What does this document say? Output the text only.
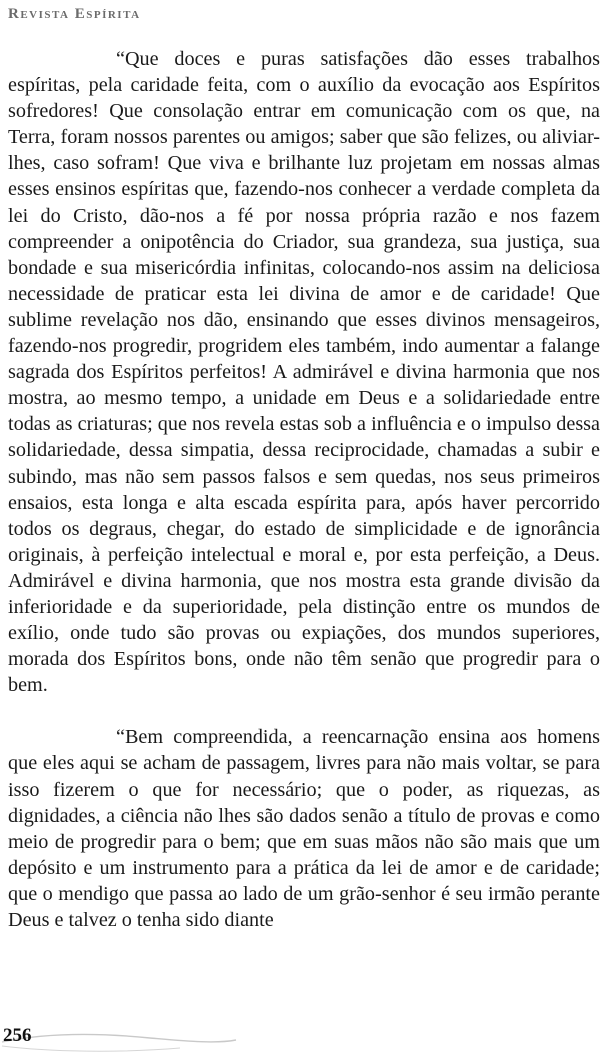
Revista Espírita

“Que doces e puras satisfações dão esses trabalhos espíritas, pela caridade feita, com o auxílio da evocação aos Espíritos sofredores! Que consolação entrar em comunicação com os que, na Terra, foram nossos parentes ou amigos; saber que são felizes, ou aliviar-lhes, caso sofram! Que viva e brilhante luz projetam em nossas almas esses ensinos espíritas que, fazendo-nos conhecer a verdade completa da lei do Cristo, dão-nos a fé por nossa própria razão e nos fazem compreender a onipotência do Criador, sua grandeza, sua justiça, sua bondade e sua misericórdia infinitas, colocando-nos assim na deliciosa necessidade de praticar esta lei divina de amor e de caridade! Que sublime revelação nos dão, ensinando que esses divinos mensageiros, fazendo-nos progredir, progridem eles também, indo aumentar a falange sagrada dos Espíritos perfeitos! A admirável e divina harmonia que nos mostra, ao mesmo tempo, a unidade em Deus e a solidariedade entre todas as criaturas; que nos revela estas sob a influência e o impulso dessa solidariedade, dessa simpatia, dessa reciprocidade, chamadas a subir e subindo, mas não sem passos falsos e sem quedas, nos seus primeiros ensaios, esta longa e alta escada espírita para, após haver percorrido todos os degraus, chegar, do estado de simplicidade e de ignorância originais, à perfeição intelectual e moral e, por esta perfeição, a Deus. Admirável e divina harmonia, que nos mostra esta grande divisão da inferioridade e da superioridade, pela distinção entre os mundos de exílio, onde tudo são provas ou expiações, dos mundos superiores, morada dos Espíritos bons, onde não têm senão que progredir para o bem.

“Bem compreendida, a reencarnação ensina aos homens que eles aqui se acham de passagem, livres para não mais voltar, se para isso fizerem o que for necessário; que o poder, as riquezas, as dignidades, a ciência não lhes são dados senão a título de provas e como meio de progredir para o bem; que em suas mãos não são mais que um depósito e um instrumento para a prática da lei de amor e de caridade; que o mendigo que passa ao lado de um grão-senhor é seu irmão perante Deus e talvez o tenha sido diante

256
